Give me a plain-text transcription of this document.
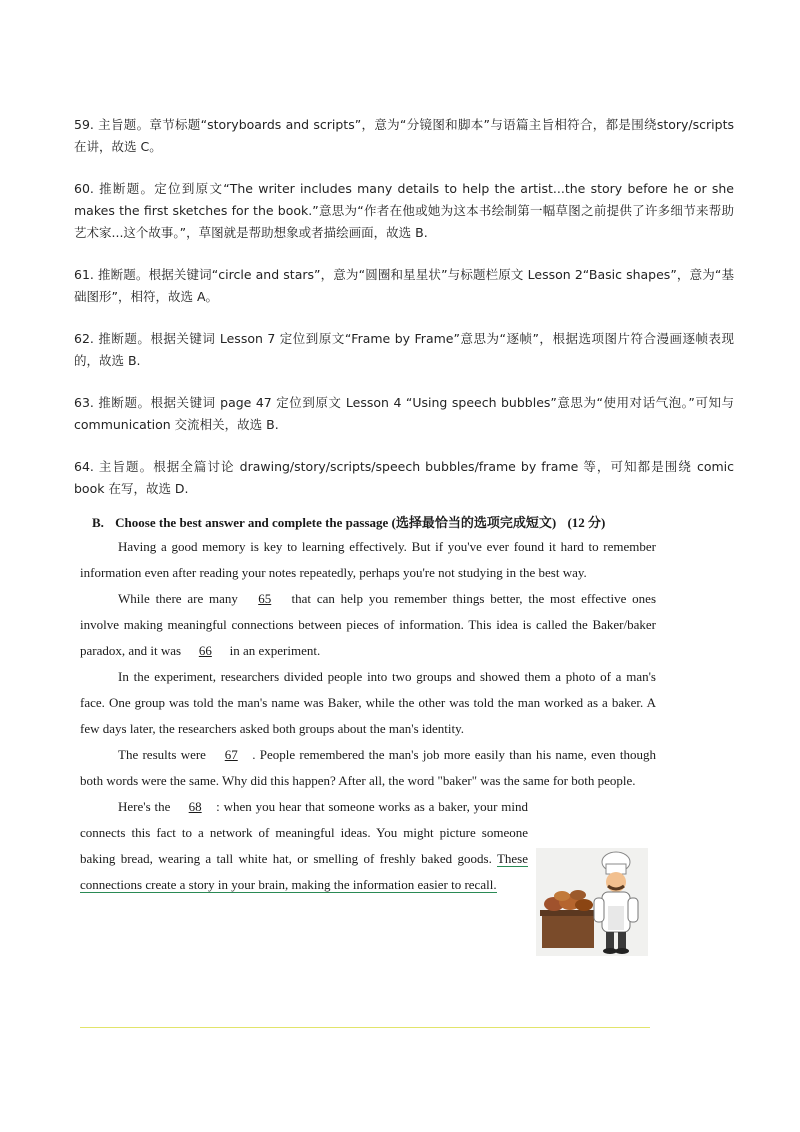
59. 主旨题。章节标题“storyboards and scripts”，意为“分镜图和脚本”与语篇主旨相符合，都是围绕story/scripts 在讲，故选 C。

60. 推断题。定位到原文“The writer includes many details to help the artist...the story before he or she makes the first sketches for the book.”意思为“作者在他或她为这本书绘制第一幅草图之前提供了许多细节来帮助艺术家...这个故事。”，草图就是帮助想象或者描绘画面，故选 B.

61. 推断题。根据关键词“circle and stars”，意为“圆圈和星星状”与标题栏原文 Lesson 2“Basic shapes”，意为“基础图形”，相符，故选 A。

62. 推断题。根据关键词 Lesson 7 定位到原文“Frame by Frame”意思为“逐帧”，根据选项图片符合漫画逐帧表现的，故选 B.

63. 推断题。根据关键词 page 47 定位到原文 Lesson 4 “Using speech bubbles”意思为“使用对话气泡。”可知与 communication 交流相关，故选 B.

64. 主旨题。根据全篇讨论 drawing/story/scripts/speech bubbles/frame by frame 等，可知都是围绕 comic book 在写，故选 D.

B. Choose the best answer and complete the passage (选择最恰当的选项完成短文) (12 分)

Having a good memory is key to learning effectively. But if you've ever found it hard to remember information even after reading your notes repeatedly, perhaps you're not studying in the best way.

While there are many 65 that can help you remember things better, the most effective ones involve making meaningful connections between pieces of information. This idea is called the Baker/baker paradox, and it was 66 in an experiment.

In the experiment, researchers divided people into two groups and showed them a photo of a man's face. One group was told the man's name was Baker, while the other was told the man worked as a baker. A few days later, the researchers asked both groups about the man's identity.

The results were 67 . People remembered the man's job more easily than his name, even though both words were the same. Why did this happen? After all, the word "baker" was the same for both people.

Here's the 68 : when you hear that someone works as a baker, your mind connects this fact to a network of meaningful ideas. You might picture someone baking bread, wearing a tall white hat, or smelling of freshly baked goods. These connections create a story in your brain, making the information easier to recall.
